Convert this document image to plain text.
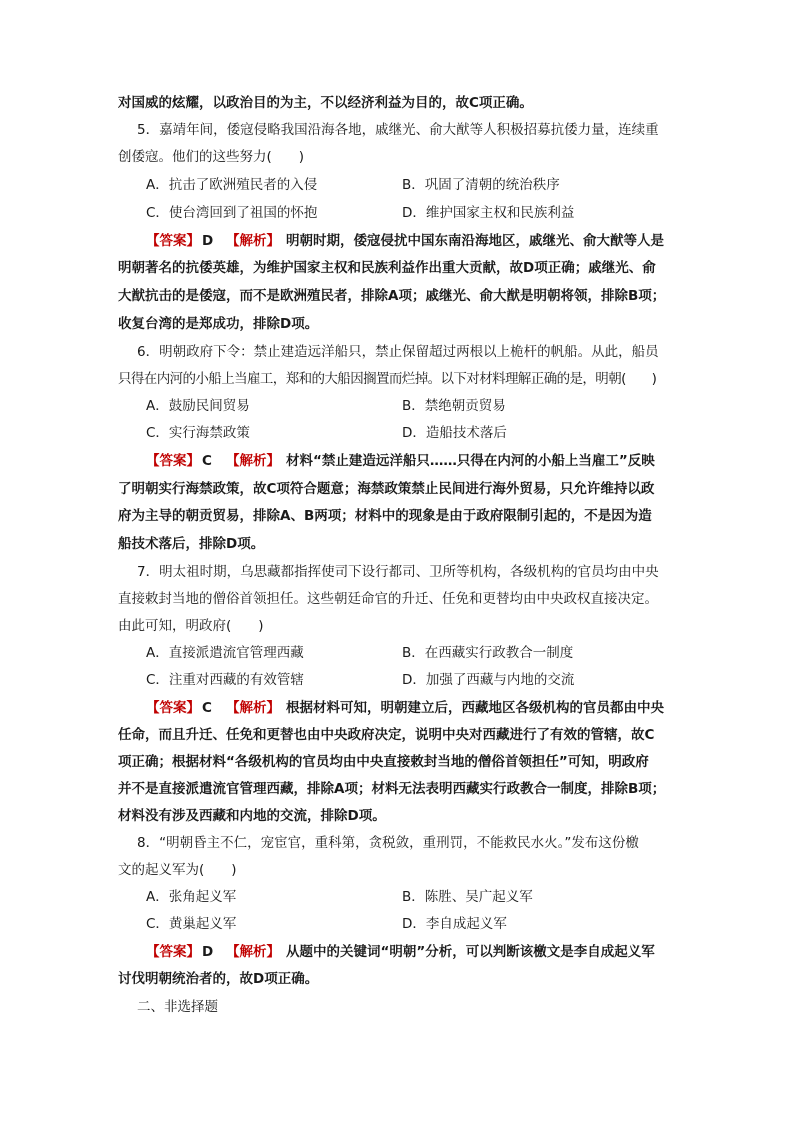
对国威的炫耀，以政治目的为主，不以经济利益为目的，故C项正确。
5．嘉靖年间，倭寇侵略我国沿海各地，戚继光、俞大猷等人积极招募抗倭力量，连续重
创倭寇。他们的这些努力(　　)
A．抗击了欧洲殖民者的入侵	B．巩固了清朝的统治秩序
C．使台湾回到了祖国的怀抱	D．维护国家主权和民族利益
【答案】 D 【解析】 明朝时期，倭寇侵扰中国东南沿海地区，戚继光、俞大猷等人是
明朝著名的抗倭英雄，为维护国家主权和民族利益作出重大贡献，故D项正确；戚继光、俞
大猷抗击的是倭寇，而不是欧洲殖民者，排除A项；戚继光、俞大猷是明朝将领，排除B项；
收复台湾的是郑成功，排除D项。
6．明朝政府下令：禁止建造远洋船只，禁止保留超过两根以上桅杆的帆船。从此，船员
只得在内河的小船上当雇工，郑和的大船因搁置而烂掉。以下对材料理解正确的是，明朝(　　)
A．鼓励民间贸易	B．禁绝朝贡贸易
C．实行海禁政策	D．造船技术落后
【答案】 C 【解析】 材料“禁止建造远洋船只……只得在内河的小船上当雇工”反映
了明朝实行海禁政策，故C项符合题意；海禁政策禁止民间进行海外贸易，只允许维持以政
府为主导的朝贡贸易，排除A、B两项；材料中的现象是由于政府限制引起的，不是因为造
船技术落后，排除D项。
7．明太祖时期，乌思藏都指挥使司下设行都司、卫所等机构，各级机构的官员均由中央
直接敕封当地的僧俗首领担任。这些朝廷命官的升迁、任免和更替均由中央政权直接决定。
由此可知，明政府(　　)
A．直接派遣流官管理西藏	B．在西藏实行政教合一制度
C．注重对西藏的有效管辖	D．加强了西藏与内地的交流
【答案】 C 【解析】 根据材料可知，明朝建立后，西藏地区各级机构的官员都由中央
任命，而且升迁、任免和更替也由中央政府决定，说明中央对西藏进行了有效的管辖，故C
项正确；根据材料“各级机构的官员均由中央直接敕封当地的僧俗首领担任”可知，明政府
并不是直接派遣流官管理西藏，排除A项；材料无法表明西藏实行政教合一制度，排除B项；
材料没有涉及西藏和内地的交流，排除D项。
8．“明朝昏主不仁，宠宦官，重科第，贪税敛，重刑罚，不能救民水火。”发布这份檄
文的起义军为(　　)
A．张角起义军	B．陈胜、吴广起义军
C．黄巢起义军	D．李自成起义军
【答案】 D 【解析】 从题中的关键词“明朝”分析，可以判断该檄文是李自成起义军
讨伐明朝统治者的，故D项正确。
二、非选择题
